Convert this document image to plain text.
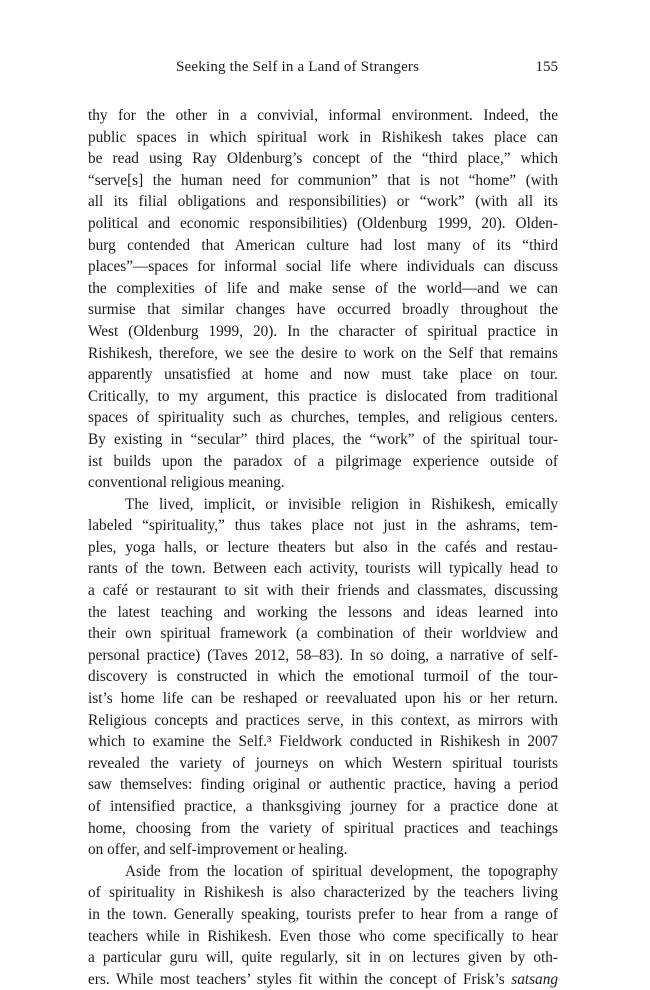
Seeking the Self in a Land of Strangers	155
thy for the other in a convivial, informal environment. Indeed, the
public spaces in which spiritual work in Rishikesh takes place can
be read using Ray Oldenburg’s concept of the “third place,” which
“serve[s] the human need for communion” that is not “home” (with
all its filial obligations and responsibilities) or “work” (with all its
political and economic responsibilities) (Oldenburg 1999, 20). Olden-
burg contended that American culture had lost many of its “third
places”—spaces for informal social life where individuals can discuss
the complexities of life and make sense of the world—and we can
surmise that similar changes have occurred broadly throughout the
West (Oldenburg 1999, 20). In the character of spiritual practice in
Rishikesh, therefore, we see the desire to work on the Self that remains
apparently unsatisfied at home and now must take place on tour.
Critically, to my argument, this practice is dislocated from traditional
spaces of spirituality such as churches, temples, and religious centers.
By existing in “secular” third places, the “work” of the spiritual tour-
ist builds upon the paradox of a pilgrimage experience outside of
conventional religious meaning.
The lived, implicit, or invisible religion in Rishikesh, emically
labeled “spirituality,” thus takes place not just in the ashrams, tem-
ples, yoga halls, or lecture theaters but also in the cafés and restau-
rants of the town. Between each activity, tourists will typically head to
a café or restaurant to sit with their friends and classmates, discussing
the latest teaching and working the lessons and ideas learned into
their own spiritual framework (a combination of their worldview and
personal practice) (Taves 2012, 58–83). In so doing, a narrative of self-
discovery is constructed in which the emotional turmoil of the tour-
ist’s home life can be reshaped or reevaluated upon his or her return.
Religious concepts and practices serve, in this context, as mirrors with
which to examine the Self.³ Fieldwork conducted in Rishikesh in 2007
revealed the variety of journeys on which Western spiritual tourists
saw themselves: finding original or authentic practice, having a period
of intensified practice, a thanksgiving journey for a practice done at
home, choosing from the variety of spiritual practices and teachings
on offer, and self-improvement or healing.
Aside from the location of spiritual development, the topography
of spirituality in Rishikesh is also characterized by the teachers living
in the town. Generally speaking, tourists prefer to hear from a range of
teachers while in Rishikesh. Even those who come specifically to hear
a particular guru will, quite regularly, sit in on lectures given by oth-
ers. While most teachers’ styles fit within the concept of Frisk’s satsang
